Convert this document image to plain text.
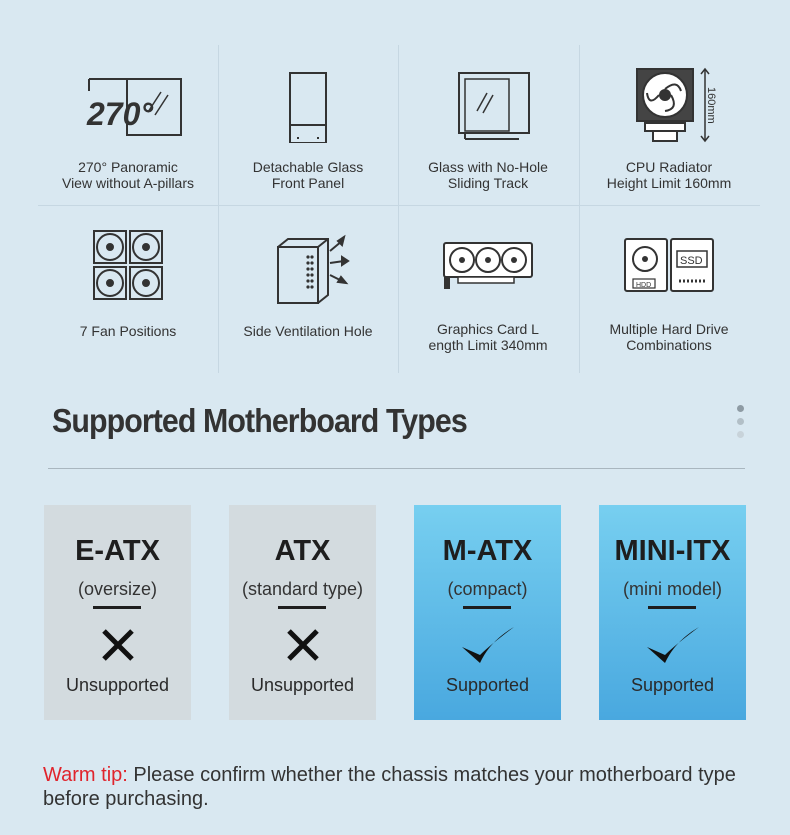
270°
270° Panoramic
View without A-pillars
Detachable Glass
Front Panel
Glass with No-Hole
Sliding Track
160mm
CPU Radiator
Height Limit 160mm
7 Fan Positions	Side Ventilation Hole	Graphics Card L
ength Limit 340mm
HDD
SSD
Multiple Hard Drive
Combinations
Supported Motherboard Types
E-ATX
(oversize)
Unsupported
ATX
(standard type)
Unsupported
M-ATX
(compact)
Supported
MINI-ITX
(mini model)
Supported
Warm tip: Please confirm whether the chassis matches your motherboard type before purchasing.
